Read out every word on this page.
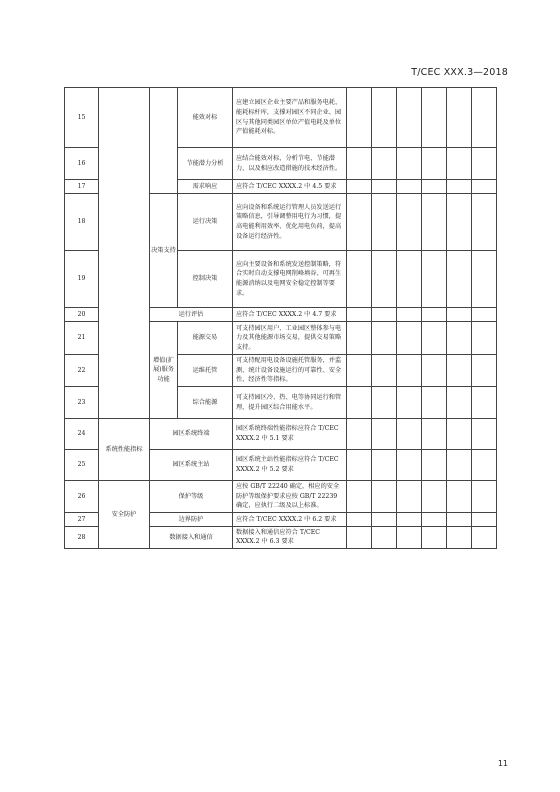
T/CEC XXX.3—2018
15			能效对标	应建立园区企业主要产品和服务电耗、能耗标杆库，支撑对园区不同企业、园区与其他同类园区单位产值电耗及单位产值能耗对标。						
16			节能潜力分析	应结合能效对标，分析节电、节能潜力，以及相应改造措施的技术经济性。						
17			需求响应	应符合 T/CEC XXXX.2 中 4.5 要求						
18		决策支持	运行决策	应向设备和系统运行管理人员发送运行策略信息，引导调整用电行为习惯，提高电能利用效率、优化用电负荷，提高设备运行经济性。						
19			控制决策	应向主要设备和系统发送控制策略，符合实时自动支撑电网削峰填谷、可再生能源消纳以及电网安全稳定控制等要求。						
20		运行评估		应符合 T/CEC XXXX.2 中 4.7 要求						
21		增值(扩展)服务功能	能源交易	可支持园区用户、工业园区整体参与电力及其他能源市场交易，提供交易策略支持。						
22			运维托管	可支持配用电设备设施托管服务，并监测、统计设备设施运行的可靠性、安全性、经济性等指标。						
23			综合能源	可支持园区冷、热、电等协同运行和管理，提升园区综合用能水平。						
24	系统性能指标	园区系统终端		园区系统终端性能指标应符合 T/CEC XXXX.2 中 5.1 要求						
25		园区系统主站		园区系统主站性能指标应符合 T/CEC XXXX.2 中 5.2 要求						
26	安全防护	保护等级		应按 GB/T 22240 确定，相应的安全防护等级保护要求应按 GB/T 22239 确定，应执行二级及以上标准。						
27		边界防护		应符合 T/CEC XXXX.2 中 6.2 要求						
28		数据接入和通信		数据接入和通信应符合 T/CEC XXXX.2 中 6.3 要求						
11
